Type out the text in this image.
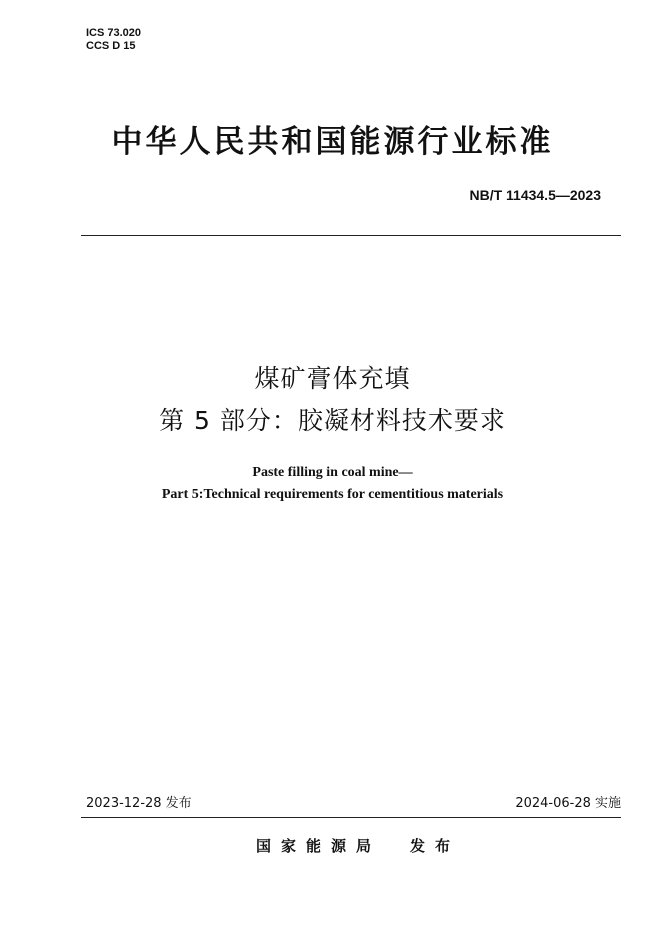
ICS 73.020
CCS D 15
中华人民共和国能源行业标准
NB/T 11434.5—2023
煤矿膏体充填
第 5 部分：胶凝材料技术要求
Paste filling in coal mine—
Part 5:Technical requirements for cementitious materials
2023-12-28 发布	2024-06-28 实施
国家能源局 发布
